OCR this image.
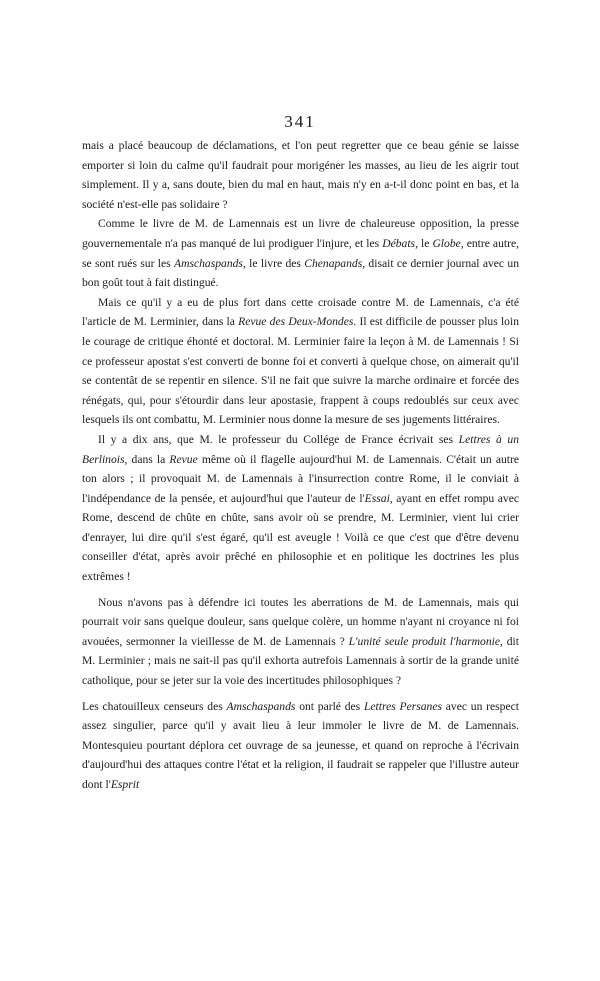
341

mais a placé beaucoup de déclamations, et l'on peut regretter que ce beau génie se laisse emporter si loin du calme qu'il faudrait pour morigéner les masses, au lieu de les aigrir tout simplement. Il y a, sans doute, bien du mal en haut, mais n'y en a-t-il donc point en bas, et la société n'est-elle pas solidaire ?

Comme le livre de M. de Lamennais est un livre de chaleureuse opposition, la presse gouvernementale n'a pas manqué de lui prodiguer l'injure, et les Débats, le Globe, entre autre, se sont rués sur les Amschaspands, le livre des Chenapands, disait ce dernier journal avec un bon goût tout à fait distingué.

Mais ce qu'il y a eu de plus fort dans cette croisade contre M. de Lamennais, c'a été l'article de M. Lerminier, dans la Revue des Deux-Mondes. Il est difficile de pousser plus loin le courage de critique éhonté et doctoral. M. Lerminier faire la leçon à M. de Lamennais ! Si ce professeur apostat s'est converti de bonne foi et converti à quelque chose, on aimerait qu'il se contentât de se repentir en silence. S'il ne fait que suivre la marche ordinaire et forcée des rénégats, qui, pour s'étourdir dans leur apostasie, frappent à coups redoublés sur ceux avec lesquels ils ont combattu, M. Lerminier nous donne la mesure de ses jugements littéraires.

Il y a dix ans, que M. le professeur du Collége de France écrivait ses Lettres à un Berlinois, dans la Revue même où il flagelle aujourd'hui M. de Lamennais. C'était un autre ton alors ; il provoquait M. de Lamennais à l'insurrection contre Rome, il le conviait à l'indépendance de la pensée, et aujourd'hui que l'auteur de l'Essai, ayant en effet rompu avec Rome, descend de chûte en chûte, sans avoir où se prendre, M. Lerminier, vient lui crier d'enrayer, lui dire qu'il s'est égaré, qu'il est aveugle ! Voilà ce que c'est que d'être devenu conseiller d'état, après avoir prêché en philosophie et en politique les doctrines les plus extrêmes !

Nous n'avons pas à défendre ici toutes les aberrations de M. de Lamennais, mais qui pourrait voir sans quelque douleur, sans quelque colère, un homme n'ayant ni croyance ni foi avouées, sermonner la vieillesse de M. de Lamennais ? L'unité seule produit l'harmonie, dit M. Lerminier ; mais ne sait-il pas qu'il exhorta autrefois Lamennais à sortir de la grande unité catholique, pour se jeter sur la voie des incertitudes philosophiques ?

Les chatouilleux censeurs des Amschaspands ont parlé des Lettres Persanes avec un respect assez singulier, parce qu'il y avait lieu à leur immoler le livre de M. de Lamennais. Montesquieu pourtant déplora cet ouvrage de sa jeunesse, et quand on reproche à l'écrivain d'aujourd'hui des attaques contre l'état et la religion, il faudrait se rappeler que l'illustre auteur dont l'Esprit
